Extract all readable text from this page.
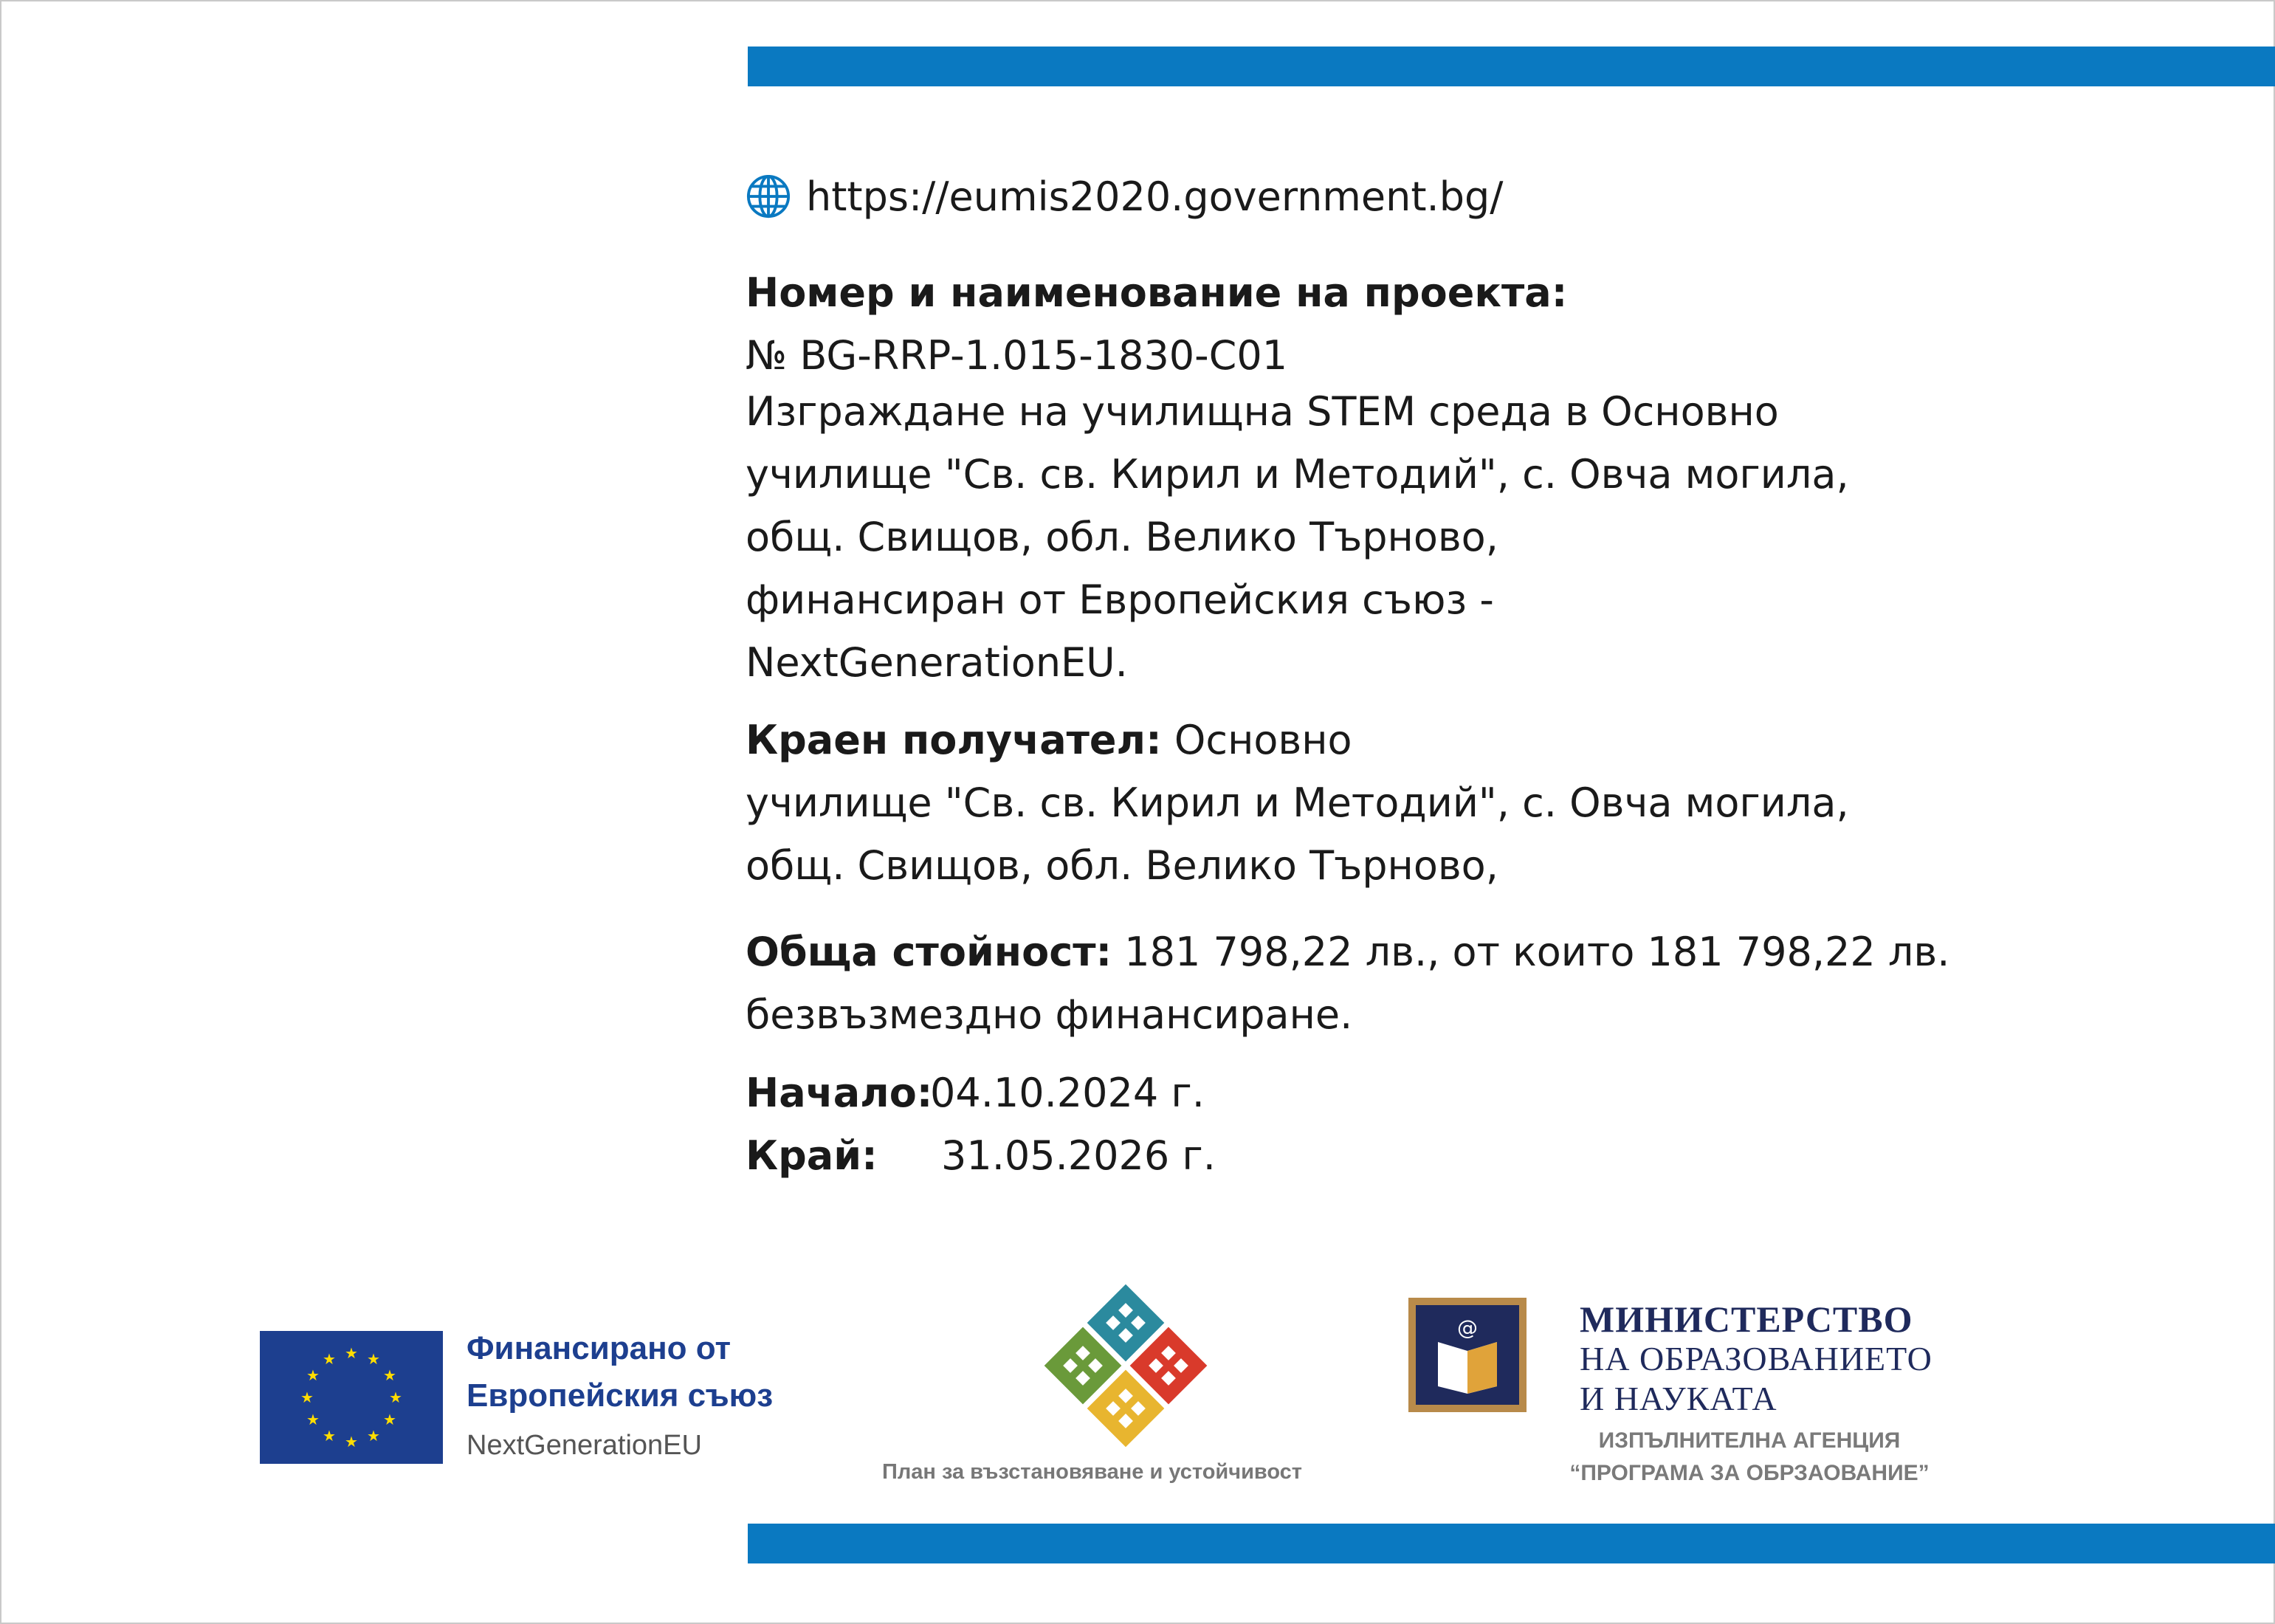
https://eumis2020.government.bg/
Номер и наименование на проекта:
№ BG-RRP-1.015-1830-C01
Изграждане на училищна STEM среда в Основно
училище "Св. св. Кирил и Методий", с. Овча могила,
общ. Свищов, обл. Велико Търново,
финансиран от Европейския съюз -
NextGenerationEU.
Краен получател: Основно
училище "Св. св. Кирил и Методий", с. Овча могила,
общ. Свищов, обл. Велико Търново,
Обща стойност: 181 798,22 лв., от които 181 798,22 лв.
безвъзмездно финансиране.
Начало:04.10.2024 г.
Край: 31.05.2026 г.
★ ★
★
★
★
★
★
★
★
★
★
★	Финансирано от
Европейския съюз
NextGenerationEU
План за възстановяване и устойчивост
@	МИНИСТЕРСТВО
НА ОБРАЗОВАНИЕТО
И НАУКАТА
ИЗПЪЛНИТЕЛНА АГЕНЦИЯ
“ПРОГРАМА ЗА ОБРЗАОВАНИЕ”
